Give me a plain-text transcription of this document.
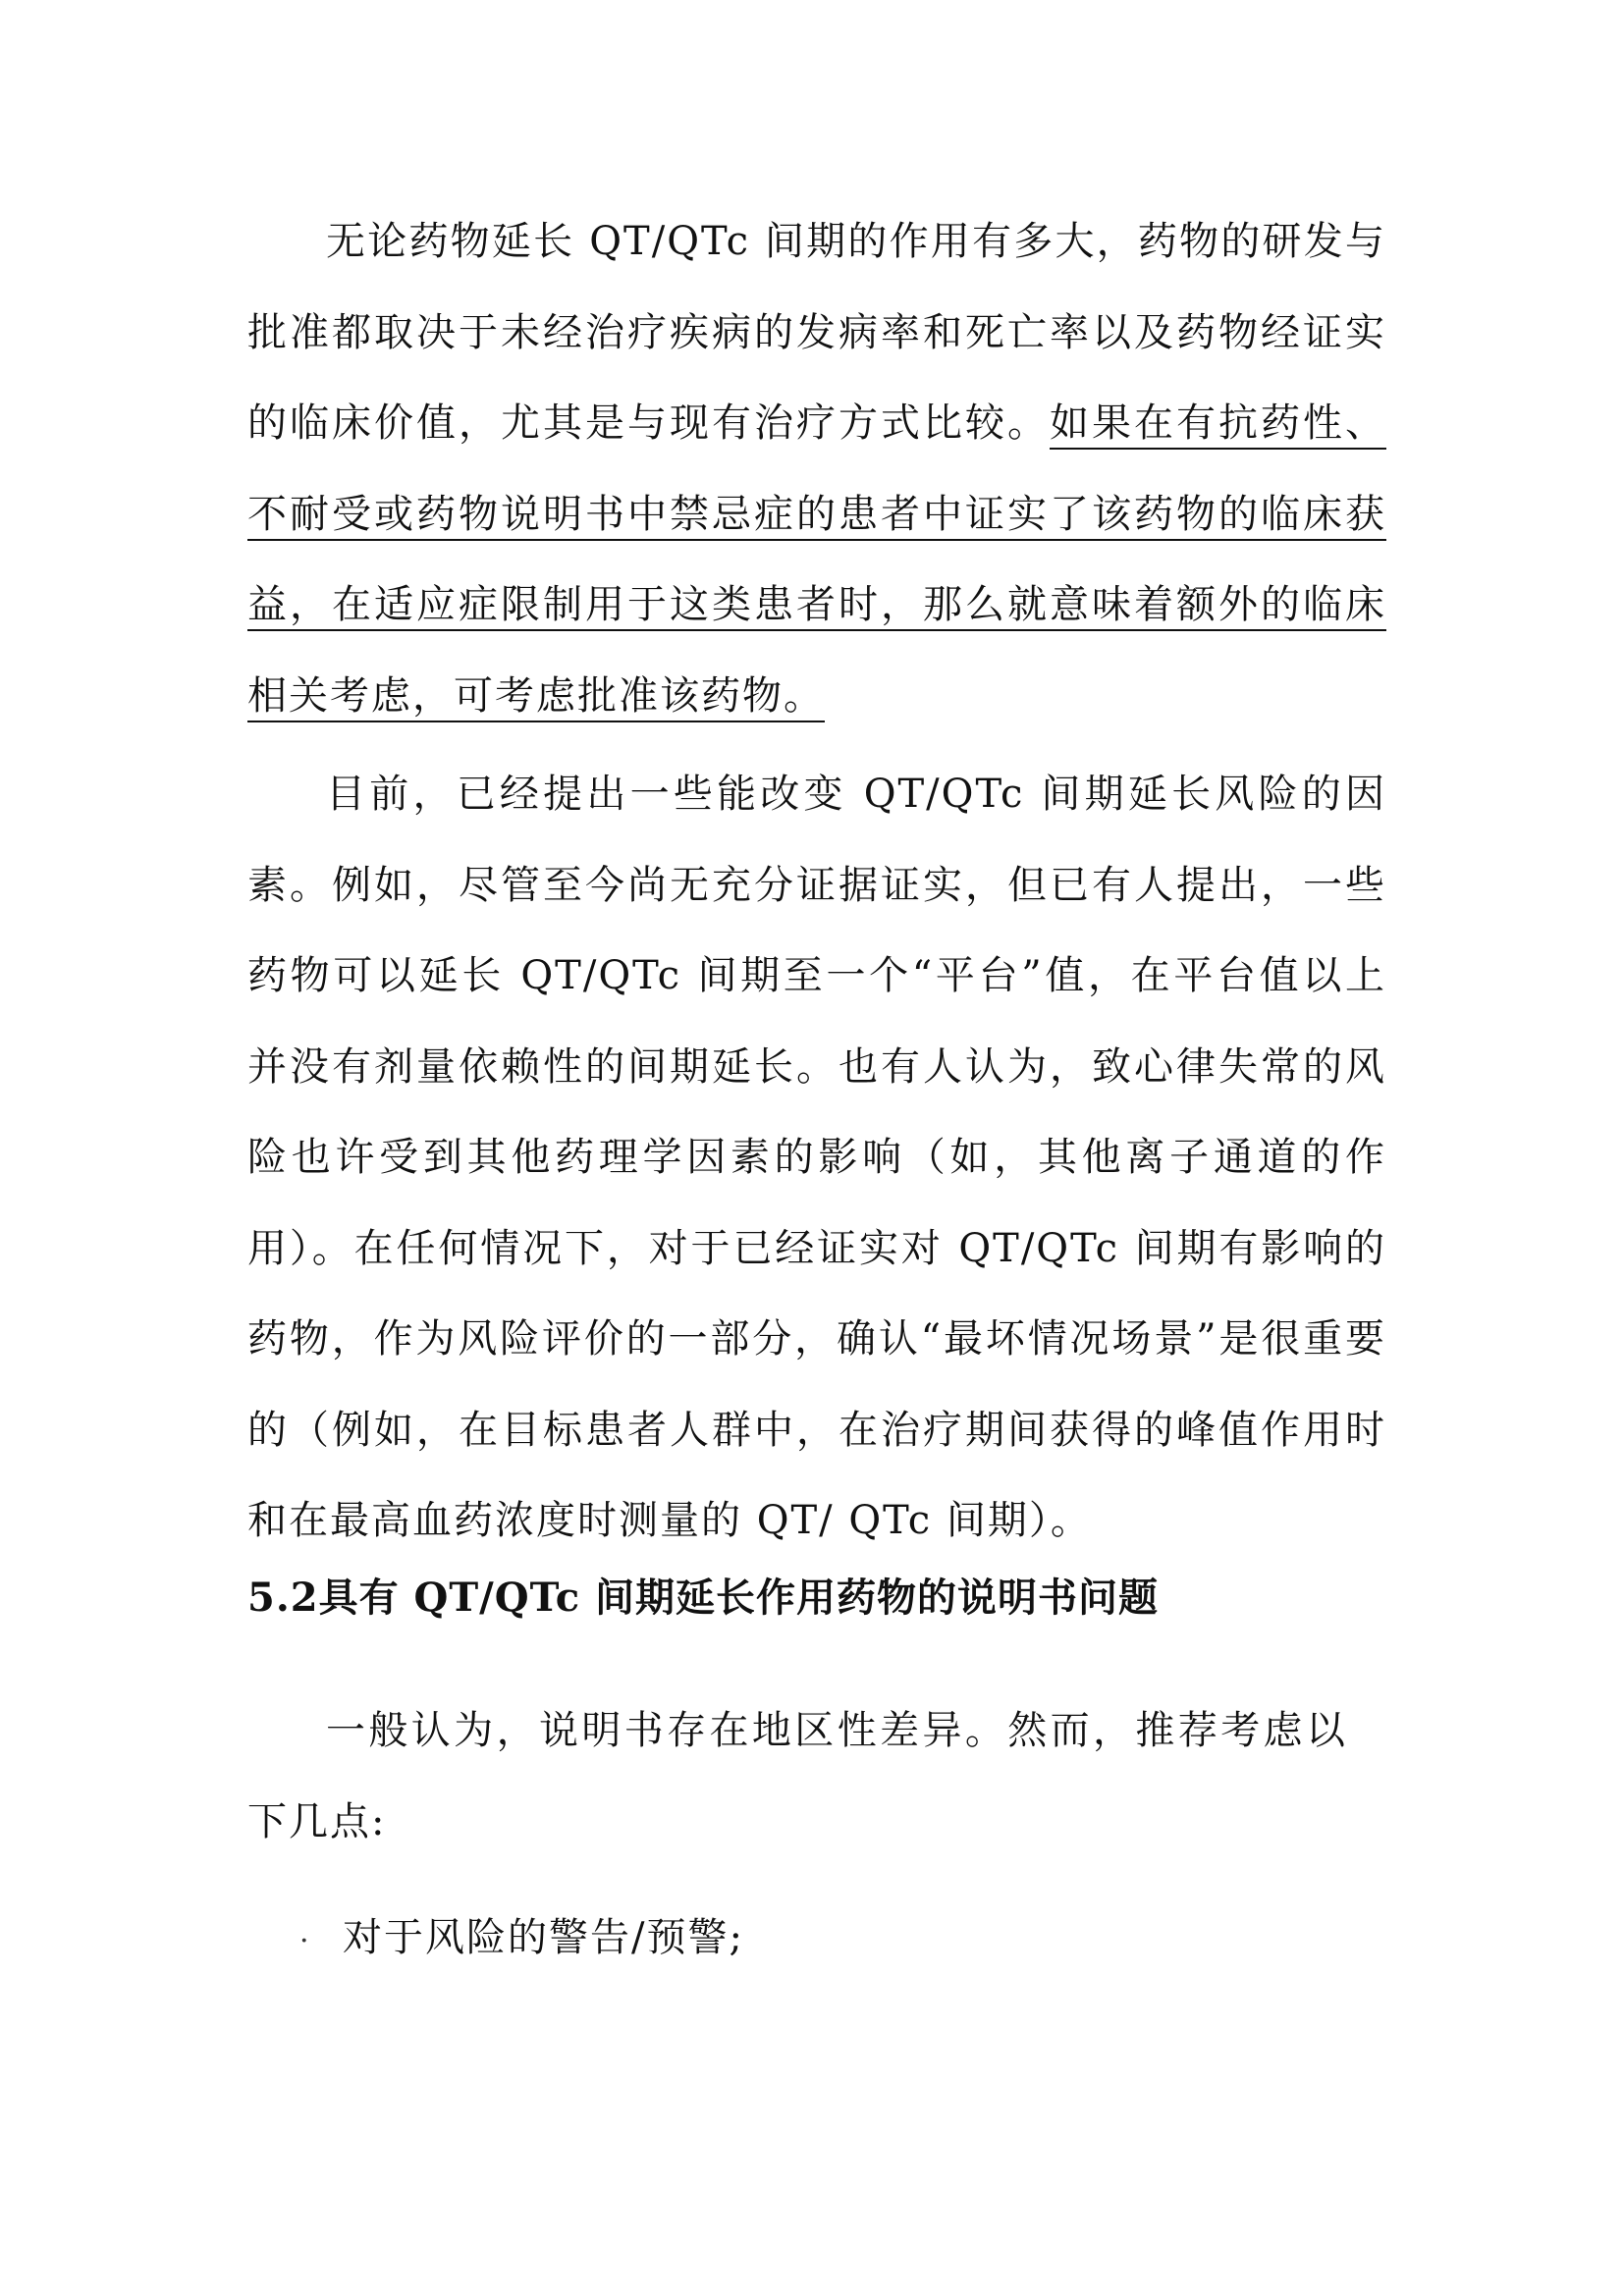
无论药物延长 QT/QTc 间期的作用有多大，药物的研发与批准都取决于未经治疗疾病的发病率和死亡率以及药物经证实的临床价值，尤其是与现有治疗方式比较。如果在有抗药性、不耐受或药物说明书中禁忌症的患者中证实了该药物的临床获益，在适应症限制用于这类患者时，那么就意味着额外的临床相关考虑，可考虑批准该药物。

目前，已经提出一些能改变 QT/QTc 间期延长风险的因素。例如，尽管至今尚无充分证据证实，但已有人提出，一些药物可以延长 QT/QTc 间期至一个“平台”值，在平台值以上并没有剂量依赖性的间期延长。也有人认为，致心律失常的风险也许受到其他药理学因素的影响（如，其他离子通道的作用）。在任何情况下，对于已经证实对 QT/QTc 间期有影响的药物，作为风险评价的一部分，确认“最坏情况场景”是很重要的（例如，在目标患者人群中，在治疗期间获得的峰值作用时和在最高血药浓度时测量的 QT/ QTc 间期）。

5.2具有 QT/QTc 间期延长作用药物的说明书问题

一般认为，说明书存在地区性差异。然而，推荐考虑以下几点:

· 对于风险的警告/预警;
